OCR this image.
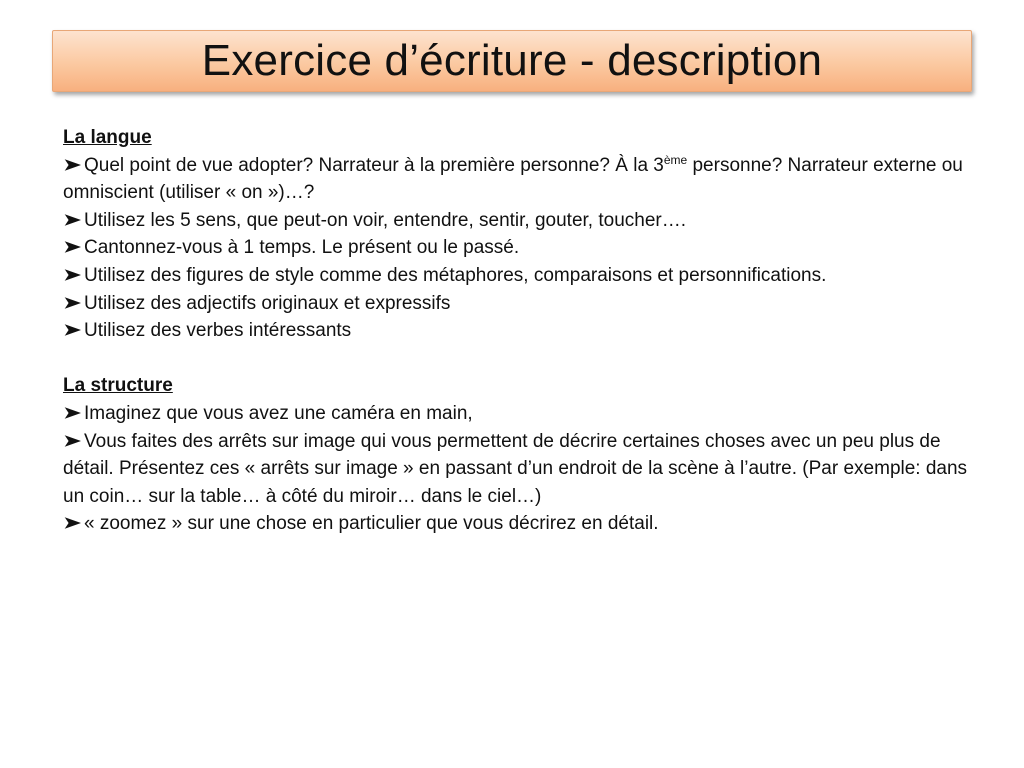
Exercice d’écriture - description

La langue

Quel point de vue adopter? Narrateur à la première personne? À la 3ème personne? Narrateur externe ou omniscient (utiliser « on »)…?

Utilisez les 5 sens, que peut-on voir, entendre, sentir, gouter, toucher….

Cantonnez-vous à 1 temps. Le présent ou le passé.

Utilisez des figures de style comme des métaphores, comparaisons et personnifications.

Utilisez des adjectifs originaux et expressifs

Utilisez des verbes intéressants

La structure

Imaginez que vous avez une caméra en main,

Vous faites des arrêts sur image qui vous permettent de décrire certaines choses avec un peu plus de détail. Présentez ces « arrêts sur image » en passant d’un endroit de la scène à l’autre. (Par exemple: dans un coin… sur la table… à côté du miroir… dans le ciel…)

« zoomez » sur une chose en particulier que vous décrirez en détail.
